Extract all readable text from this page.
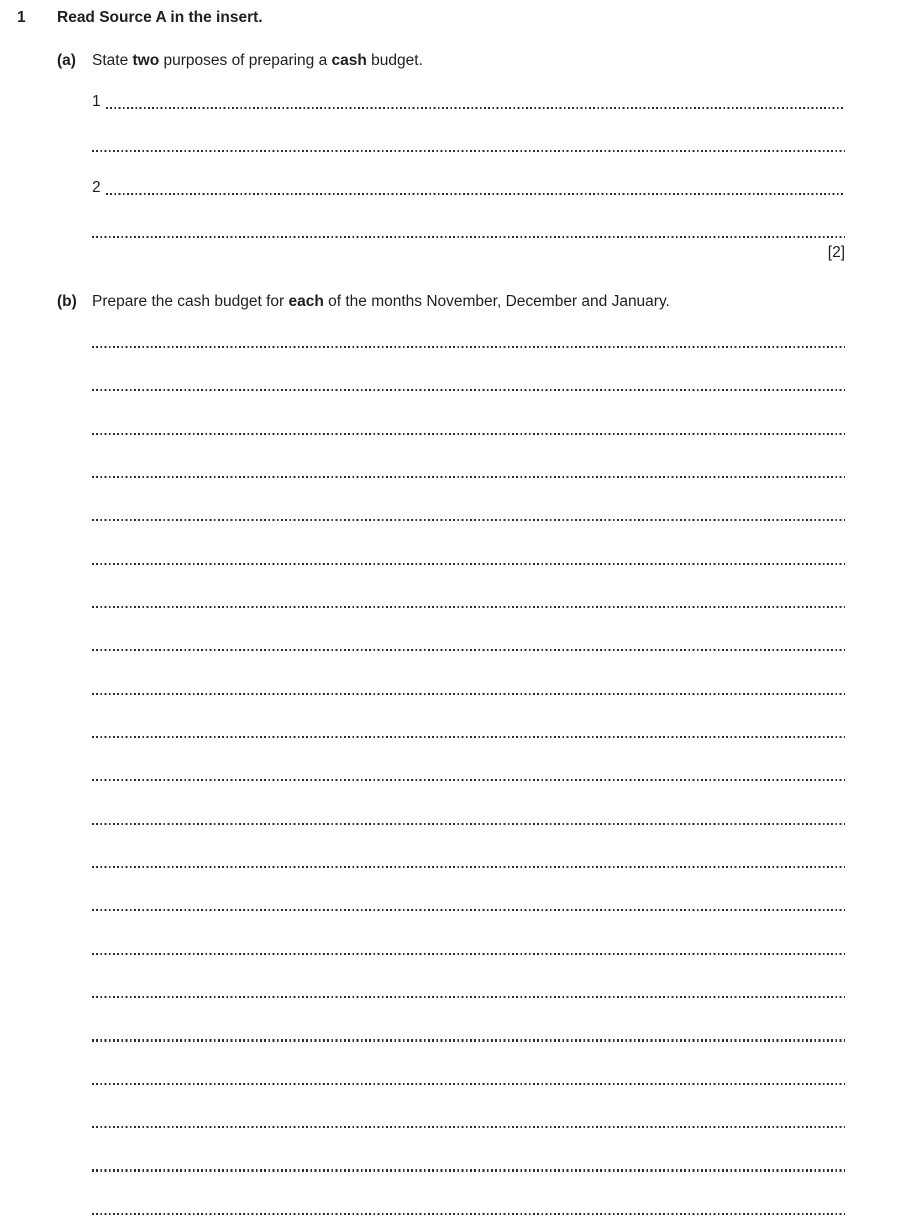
1	Read Source A in the insert.
(a)	State two purposes of preparing a cash budget.
1
2
[2]
(b) Prepare the cash budget for each of the months November, December and January.
